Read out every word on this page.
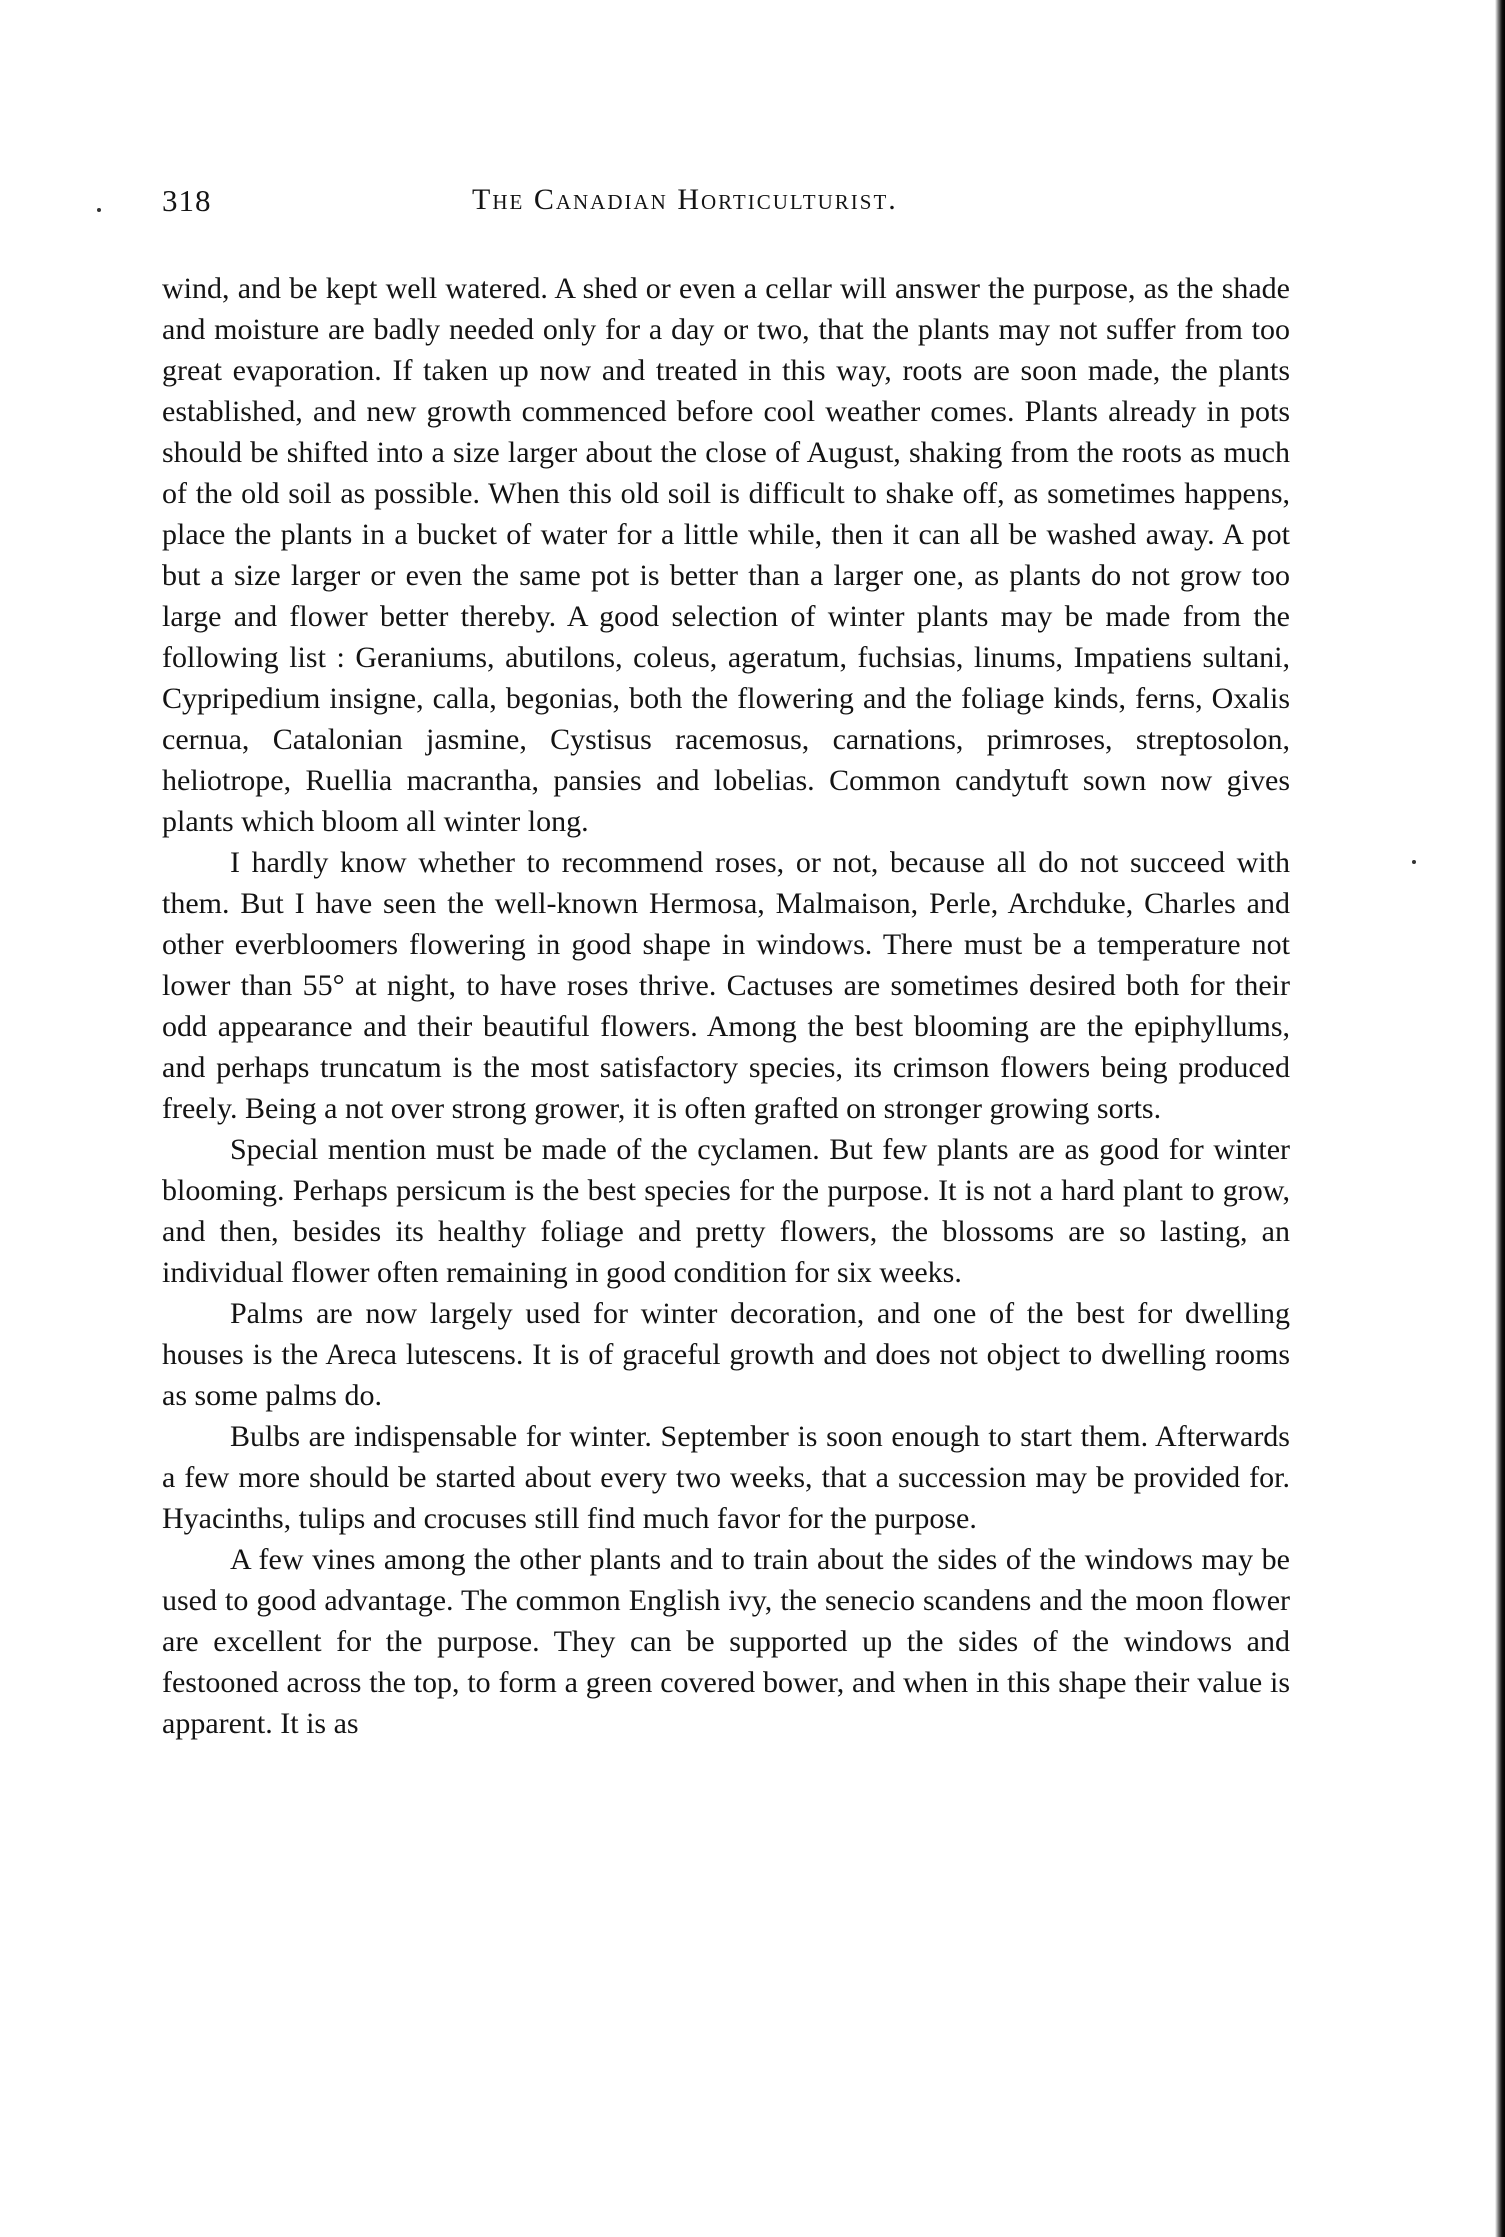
318	The Canadian Horticulturist.

wind, and be kept well watered. A shed or even a cellar will answer the purpose, as the shade and moisture are badly needed only for a day or two, that the plants may not suffer from too great evaporation. If taken up now and treated in this way, roots are soon made, the plants established, and new growth commenced before cool weather comes. Plants already in pots should be shifted into a size larger about the close of August, shaking from the roots as much of the old soil as possible. When this old soil is difficult to shake off, as sometimes happens, place the plants in a bucket of water for a little while, then it can all be washed away. A pot but a size larger or even the same pot is better than a larger one, as plants do not grow too large and flower better thereby. A good selection of winter plants may be made from the following list : Geraniums, abutilons, coleus, ageratum, fuchsias, linums, Impatiens sultani, Cypripedium insigne, calla, begonias, both the flowering and the foliage kinds, ferns, Oxalis cernua, Catalonian jasmine, Cystisus racemosus, carnations, primroses, streptosolon, heliotrope, Ruellia macrantha, pansies and lobelias. Common candytuft sown now gives plants which bloom all winter long.

I hardly know whether to recommend roses, or not, because all do not succeed with them. But I have seen the well-known Hermosa, Malmaison, Perle, Archduke, Charles and other everbloomers flowering in good shape in windows. There must be a temperature not lower than 55° at night, to have roses thrive. Cactuses are sometimes desired both for their odd appearance and their beautiful flowers. Among the best blooming are the epiphyllums, and perhaps truncatum is the most satisfactory species, its crimson flowers being produced freely. Being a not over strong grower, it is often grafted on stronger growing sorts.

Special mention must be made of the cyclamen. But few plants are as good for winter blooming. Perhaps persicum is the best species for the purpose. It is not a hard plant to grow, and then, besides its healthy foliage and pretty flowers, the blossoms are so lasting, an individual flower often remaining in good condition for six weeks.

Palms are now largely used for winter decoration, and one of the best for dwelling houses is the Areca lutescens. It is of graceful growth and does not object to dwelling rooms as some palms do.

Bulbs are indispensable for winter. September is soon enough to start them. Afterwards a few more should be started about every two weeks, that a succession may be provided for. Hyacinths, tulips and crocuses still find much favor for the purpose.

A few vines among the other plants and to train about the sides of the windows may be used to good advantage. The common English ivy, the senecio scandens and the moon flower are excellent for the purpose. They can be supported up the sides of the windows and festooned across the top, to form a green covered bower, and when in this shape their value is apparent. It is as
